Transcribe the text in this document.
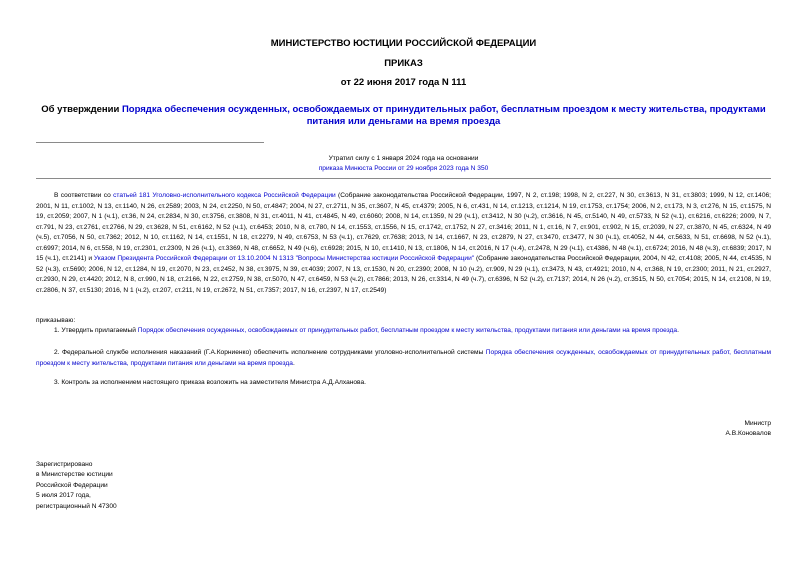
МИНИСТЕРСТВО ЮСТИЦИИ РОССИЙСКОЙ ФЕДЕРАЦИИ
ПРИКАЗ
от 22 июня 2017 года N 111
Об утверждении Порядка обеспечения осужденных, освобождаемых от принудительных работ, бесплатным проездом к месту жительства, продуктами питания или деньгами на время проезда
Утратил силу с 1 января 2024 года на основании
приказа Минюста России от 29 ноября 2023 года N 350
В соответствии со статьей 181 Уголовно-исполнительного кодекса Российской Федерации (Собрание законодательства Российской Федерации, 1997, N 2, ст.198; 1998, N 2, ст.227, N 30, ст.3613, N 31, ст.3803; 1999, N 12, ст.1406; 2001, N 11, ст.1002, N 13, ст.1140, N 26, ст.2589; 2003, N 24, ст.2250, N 50, ст.4847; 2004, N 27, ст.2711, N 35, ст.3607, N 45, ст.4379; 2005, N 6, ст.431, N 14, ст.1213, ст.1214, N 19, ст.1753, ст.1754; 2006, N 2, ст.173, N 3, ст.276, N 15, ст.1575, N 19, ст.2059; 2007, N 1 (ч.1), ст.36, N 24, ст.2834, N 30, ст.3756, ст.3808, N 31, ст.4011, N 41, ст.4845, N 49, ст.6060; 2008, N 14, ст.1359, N 29 (ч.1), ст.3412, N 30 (ч.2), ст.3616, N 45, ст.5140, N 49, ст.5733, N 52 (ч.1), ст.6216, ст.6226; 2009, N 7, ст.791, N 23, ст.2761, ст.2766, N 29, ст.3628, N 51, ст.6162, N 52 (ч.1), ст.6453; 2010, N 8, ст.780, N 14, ст.1553, ст.1556, N 15, ст.1742, ст.1752, N 27, ст.3416; 2011, N 1, ст.16, N 7, ст.901, ст.902, N 15, ст.2039, N 27, ст.3870, N 45, ст.6324, N 49 (ч.5), ст.7056, N 50, ст.7362; 2012, N 10, ст.1162, N 14, ст.1551, N 18, ст.2279, N 49, ст.6753, N 53 (ч.1), ст.7629, ст.7638; 2013, N 14, ст.1667, N 23, ст.2879, N 27, ст.3470, ст.3477, N 30 (ч.1), ст.4052, N 44, ст.5633, N 51, ст.6698, N 52 (ч.1), ст.6997; 2014, N 6, ст.558, N 19, ст.2301, ст.2309, N 26 (ч.1), ст.3369, N 48, ст.6652, N 49 (ч.6), ст.6928; 2015, N 10, ст.1410, N 13, ст.1806, N 14, ст.2016, N 17 (ч.4), ст.2478, N 29 (ч.1), ст.4386, N 48 (ч.1), ст.6724; 2016, N 48 (ч.3), ст.6839; 2017, N 15 (ч.1), ст.2141) и Указом Президента Российской Федерации от 13.10.2004 N 1313 "Вопросы Министерства юстиции Российской Федерации" (Собрание законодательства Российской Федерации, 2004, N 42, ст.4108; 2005, N 44, ст.4535, N 52 (ч.3), ст.5690; 2006, N 12, ст.1284, N 19, ст.2070, N 23, ст.2452, N 38, ст.3975, N 39, ст.4039; 2007, N 13, ст.1530, N 20, ст.2390; 2008, N 10 (ч.2), ст.909, N 29 (ч.1), ст.3473, N 43, ст.4921; 2010, N 4, ст.368, N 19, ст.2300; 2011, N 21, ст.2927, ст.2930, N 29, ст.4420; 2012, N 8, ст.990, N 18, ст.2166, N 22, ст.2759, N 38, ст.5070, N 47, ст.6459, N 53 (ч.2), ст.7866; 2013, N 26, ст.3314, N 49 (ч.7), ст.6396, N 52 (ч.2), ст.7137; 2014, N 26 (ч.2), ст.3515, N 50, ст.7054; 2015, N 14, ст.2108, N 19, ст.2806, N 37, ст.5130; 2016, N 1 (ч.2), ст.207, ст.211, N 19, ст.2672, N 51, ст.7357; 2017, N 16, ст.2397, N 17, ст.2549)
приказываю:
1. Утвердить прилагаемый Порядок обеспечения осужденных, освобождаемых от принудительных работ, бесплатным проездом к месту жительства, продуктами питания или деньгами на время проезда.
2. Федеральной службе исполнения наказаний (Г.А.Корниенко) обеспечить исполнение сотрудниками уголовно-исполнительной системы Порядка обеспечения осужденных, освобождаемых от принудительных работ, бесплатным проездом к месту жительства, продуктами питания или деньгами на время проезда.
3. Контроль за исполнением настоящего приказа возложить на заместителя Министра А.Д.Алханова.
Министр
А.В.Коновалов
Зарегистрировано
в Министерстве юстиции
Российской Федерации
5 июля 2017 года,
регистрационный N 47300
